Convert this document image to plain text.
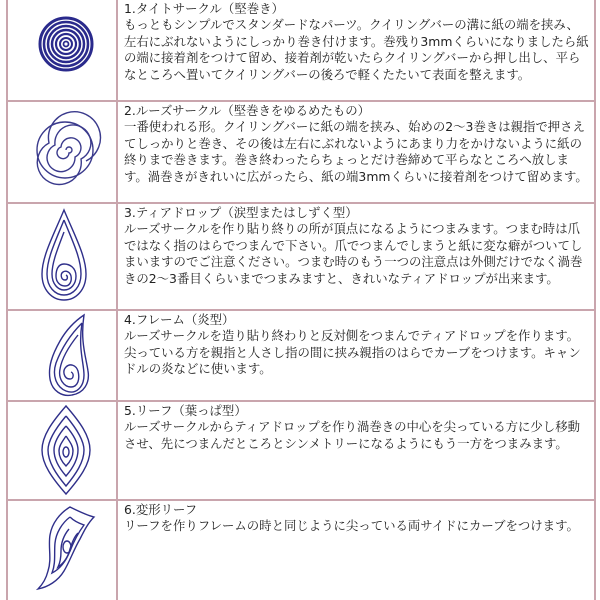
1.タイトサークル（堅巻き）
もっともシンプルでスタンダードなパーツ。クイリングバーの溝に紙の端を挟み、左右にぶれないようにしっかり巻き付けます。巻残り3mmくらいになりましたら紙の端に接着剤をつけて留め、接着剤が乾いたらクイリングバーから押し出し、平らなところへ置いてクイリングバーの後ろで軽くたたいて表面を整えます。
2.ルーズサークル（堅巻きをゆるめたもの）
一番使われる形。クイリングバーに紙の端を挟み、始めの2～3巻きは親指で押さえてしっかりと巻き、その後は左右にぶれないようにあまり力をかけないように紙の終りまで巻きます。巻き終わったらちょっとだけ巻締めて平らなところへ放します。渦巻きがきれいに広がったら、紙の端3mmくらいに接着剤をつけて留めます。
3.ティアドロップ（涙型またはしずく型）
ルーズサークルを作り貼り終りの所が頂点になるようにつまみます。つまむ時は爪ではなく指のはらでつまんで下さい。爪でつまんでしまうと紙に変な癖がついてしまいますのでご注意ください。つまむ時のもう一つの注意点は外側だけでなく渦巻きの2～3番目くらいまでつまみますと、きれいなティアドロップが出来ます。
4.フレーム（炎型）
ルーズサークルを造り貼り終わりと反対側をつまんでティアドロップを作ります。尖っている方を親指と人さし指の間に挟み親指のはらでカーブをつけます。キャンドルの炎などに使います。
5.リーフ（葉っぱ型）
ルーズサークルからティアドロップを作り渦巻きの中心を尖っている方に少し移動させ、先につまんだところとシンメトリーになるようにもう一方をつまみます。
6.変形リーフ
リーフを作りフレームの時と同じように尖っている両サイドにカーブをつけます。
